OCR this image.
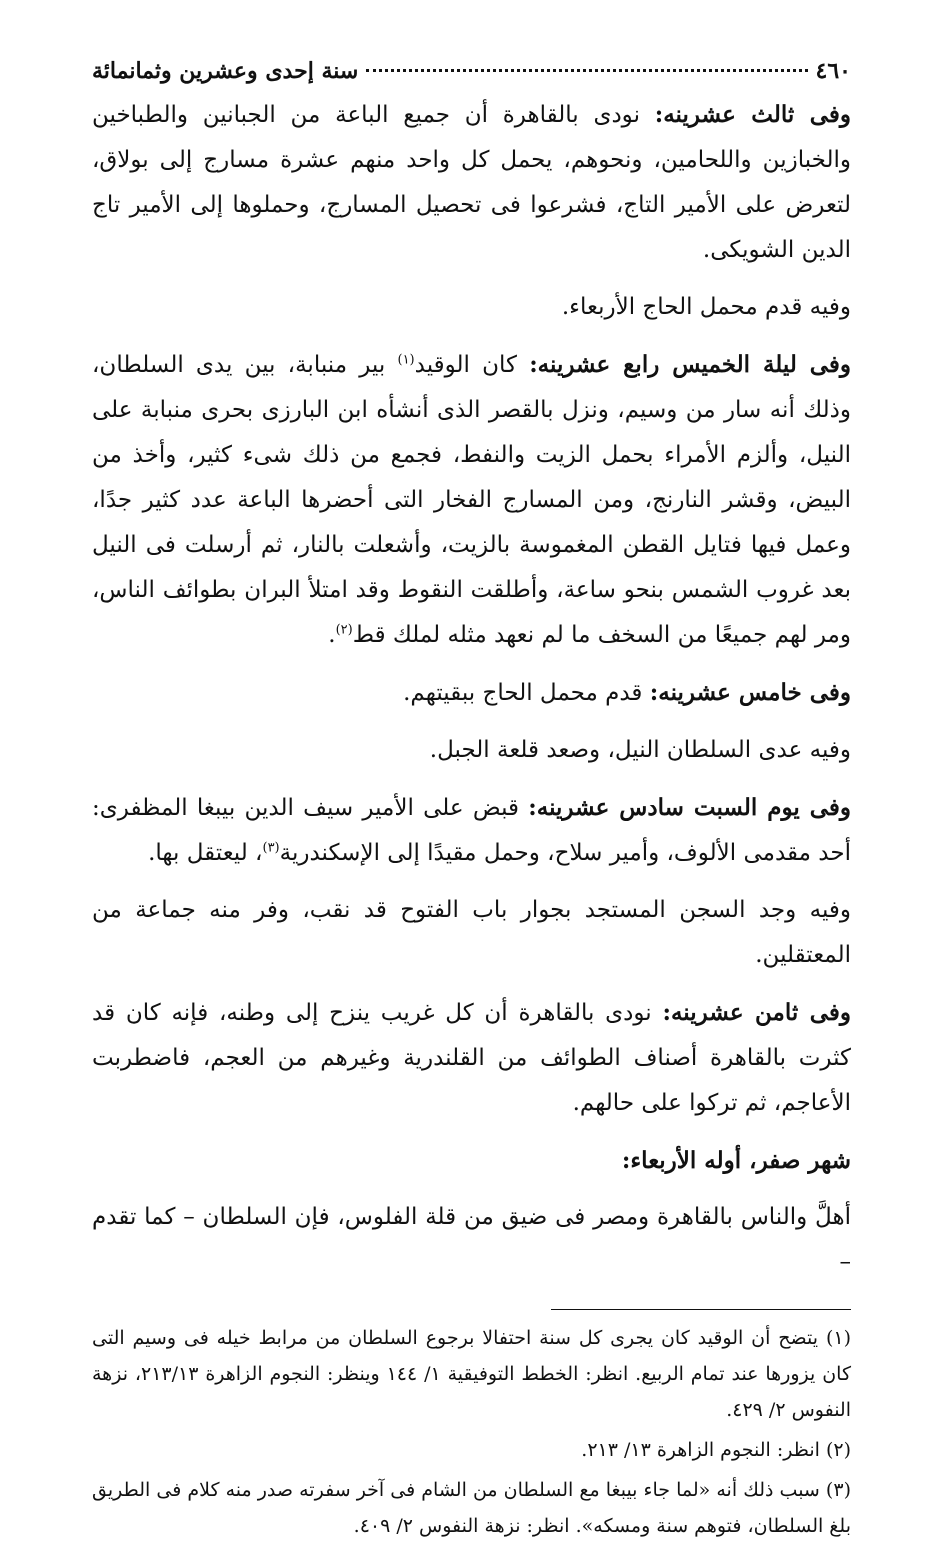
٤٦٠
سنة إحدى وعشرين وثمانمائة

وفى ثالث عشرينه: نودى بالقاهرة أن جميع الباعة من الجبانين والطباخين والخبازين واللحامين، ونحوهم، يحمل كل واحد منهم عشرة مسارج إلى بولاق، لتعرض على الأمير التاج، فشرعوا فى تحصيل المسارج، وحملوها إلى الأمير تاج الدين الشويكى.

وفيه قدم محمل الحاج الأربعاء.

وفى ليلة الخميس رابع عشرينه: كان الوقيد$^{(١)}$ بير منبابة، بين يدى السلطان، وذلك أنه سار من وسيم، ونزل بالقصر الذى أنشأه ابن البارزى بحرى منبابة على النيل، وألزم الأمراء بحمل الزيت والنفط، فجمع من ذلك شىء كثير، وأخذ من البيض، وقشر النارنج، ومن المسارج الفخار التى أحضرها الباعة عدد كثير جدًا، وعمل فيها فتايل القطن المغموسة بالزيت، وأشعلت بالنار، ثم أرسلت فى النيل بعد غروب الشمس بنحو ساعة، وأطلقت النقوط وقد امتلأ البران بطوائف الناس، ومر لهم جميعًا من السخف ما لم نعهد مثله لملك قط$^{(٢)}$.

وفى خامس عشرينه: قدم محمل الحاج ببقيتهم.

وفيه عدى السلطان النيل، وصعد قلعة الجبل.

وفى يوم السبت سادس عشرينه: قبض على الأمير سيف الدين بيبغا المظفرى: أحد مقدمى الألوف، وأمير سلاح، وحمل مقيدًا إلى الإسكندرية$^{(٣)}$، ليعتقل بها.

وفيه وجد السجن المستجد بجوار باب الفتوح قد نقب، وفر منه جماعة من المعتقلين.

وفى ثامن عشرينه: نودى بالقاهرة أن كل غريب ينزح إلى وطنه، فإنه كان قد كثرت بالقاهرة أصناف الطوائف من القلندرية وغيرهم من العجم، فاضطربت الأعاجم، ثم تركوا على حالهم.

شهر صفر، أوله الأربعاء:

أهلَّ والناس بالقاهرة ومصر فى ضيق من قلة الفلوس، فإن السلطان – كما تقدم –

(١) يتضح أن الوقيد كان يجرى كل سنة احتفالا برجوع السلطان من مرابط خيله فى وسيم التى كان يزورها عند تمام الربيع. انظر: الخطط التوفيقية ١/ ١٤٤ وينظر: النجوم الزاهرة ٢١٣/١٣، نزهة النفوس ٢/ ٤٢٩.

(٢) انظر: النجوم الزاهرة ١٣/ ٢١٣.

(٣) سبب ذلك أنه «لما جاء بيبغا مع السلطان من الشام فى آخر سفرته صدر منه كلام فى الطريق بلغ السلطان، فتوهم سنة ومسكه». انظر: نزهة النفوس ٢/ ٤٠٩.
